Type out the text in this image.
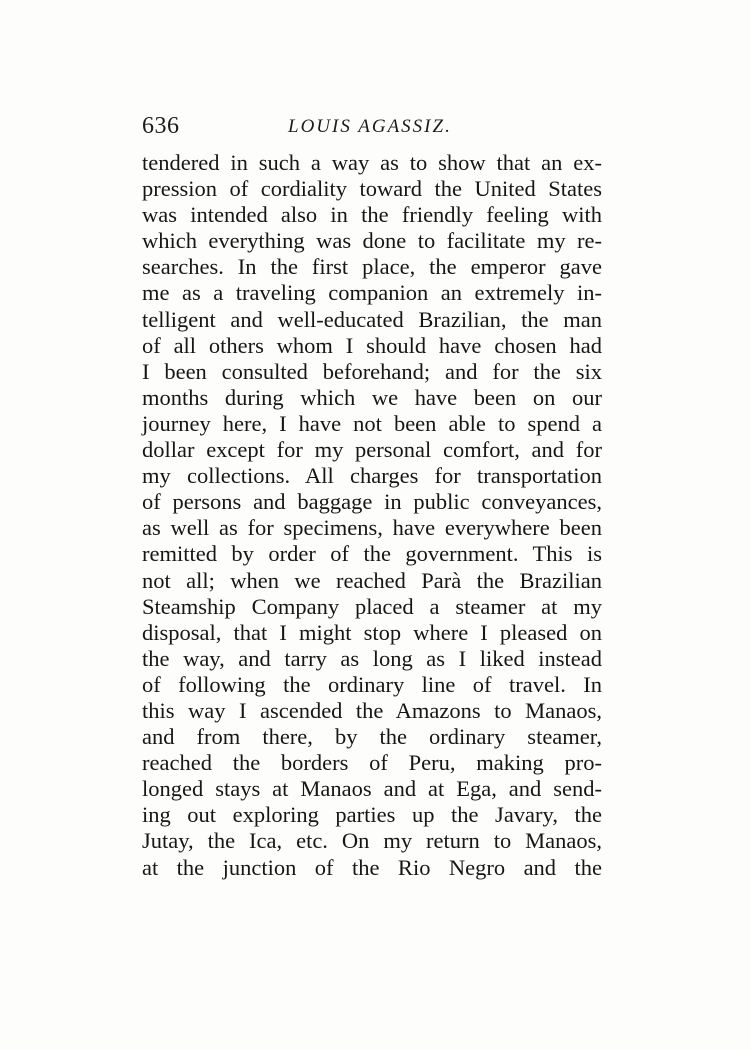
636	LOUIS AGASSIZ.
tendered in such a way as to show that an ex-
pression of cordiality toward the United States
was intended also in the friendly feeling with
which everything was done to facilitate my re-
searches. In the first place, the emperor gave
me as a traveling companion an extremely in-
telligent and well-educated Brazilian, the man
of all others whom I should have chosen had
I been consulted beforehand; and for the six
months during which we have been on our
journey here, I have not been able to spend a
dollar except for my personal comfort, and for
my collections. All charges for transportation
of persons and baggage in public conveyances,
as well as for specimens, have everywhere been
remitted by order of the government. This is
not all; when we reached Parà the Brazilian
Steamship Company placed a steamer at my
disposal, that I might stop where I pleased on
the way, and tarry as long as I liked instead
of following the ordinary line of travel. In
this way I ascended the Amazons to Manaos,
and from there, by the ordinary steamer,
reached the borders of Peru, making pro-
longed stays at Manaos and at Ega, and send-
ing out exploring parties up the Javary, the
Jutay, the Ica, etc. On my return to Manaos,
at the junction of the Rio Negro and the
